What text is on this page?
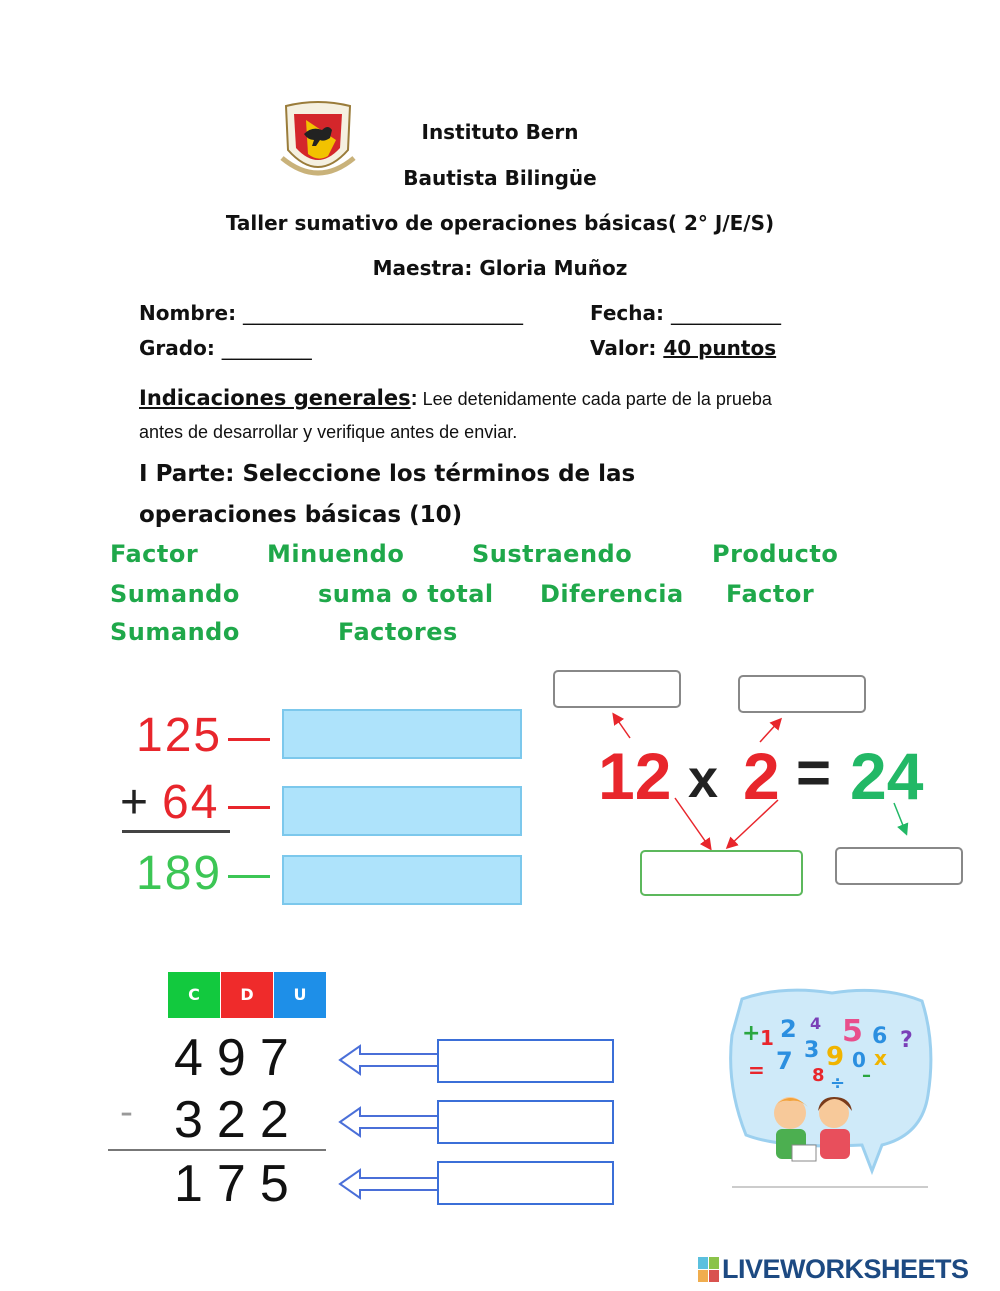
Instituto Bern
Bautista Bilingüe
Taller sumativo de operaciones básicas( 2° J/E/S)
Maestra: Gloria Muñoz
Nombre: ____________________________	Fecha: ___________
Grado: _________	Valor: 40 puntos
Indicaciones generales: Lee detenidamente cada parte de la prueba
antes de desarrollar y verifique antes de enviar.
I Parte: Seleccione los términos de las
operaciones básicas (10)
Factor	Minuendo	Sustraendo	Producto
Sumando	suma o total Diferencia Factor
Sumando	Factores
125
+ 64
189
12 x 2 = 24
C	D	U
497
- 322
175
+ 1 2 4 5 6 ?
= 7 3 9 0 x
8 ÷ –
LIVEWORKSHEETS
